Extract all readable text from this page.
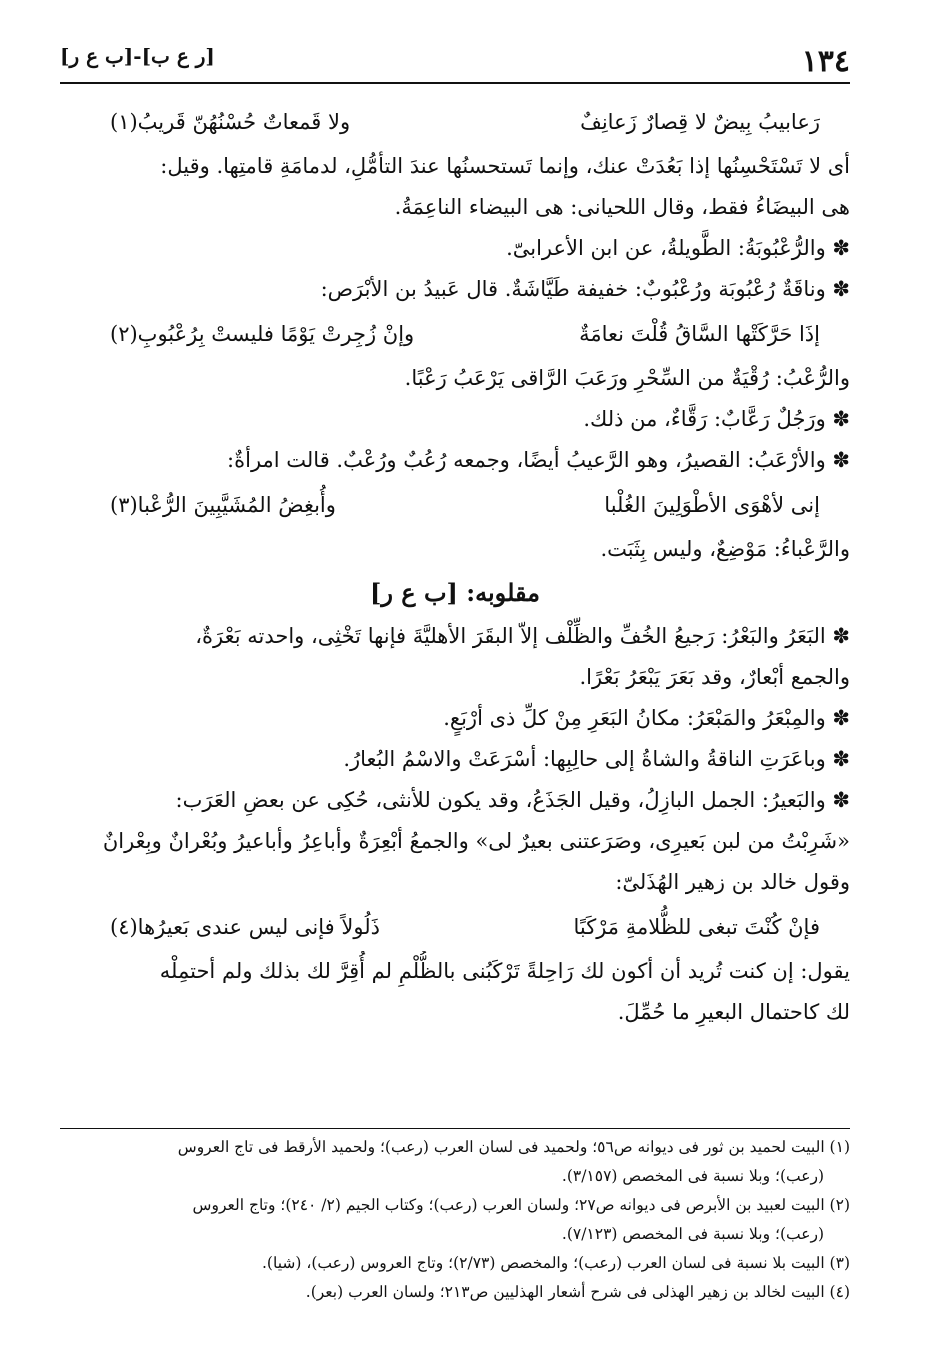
١٣٤
[ر ع ب]-[ب ع ر]
رَعابيبُ بِيضٌ لا قِصارٌ زَعانِفٌ
ولا قَمعاتٌ حُسْنُهُنّ قَريبُ(١)
أى لا تَسْتَحْسِنُها إذا بَعُدَتْ عنك، وإنما تَستحسنُها عندَ التأمُّلِ، لدمامَةِ قامتِها. وقيل:
هى البيضَاءُ فقط، وقال اللحيانى: هى البيضاء الناعِمَةُ.
✽ والرُّعْبُوبَةُ: الطَّويلةُ، عن ابن الأعرابىّ.
✽ وناقَةٌ رُعْبُوبَة ورُعْبُوبٌ: خفيفة طَيَّاشَةٌ. قال عَبيدُ بن الأبْرَص:
إذَا حَرَّكَتْها السَّاقُ قُلْتَ نعامَةٌ
وإنْ زُجِرتْ يَوْمًا فليستْ بِرُعْبُوبِ(٢)
والرُّعْبُ: رُقْيَةٌ من السِّحْرِ ورَعَبَ الرَّاقى يَرْعَبُ رَعْبًا.
✽ ورَجُلٌ رَعَّابٌ: رَقَّاءٌ، من ذلك.
✽ والأرْعَبُ: القصيرُ، وهو الرَّعيبُ أيضًا، وجمعه رُعُبٌ ورُعْبٌ. قالت امرأةٌ:
إنى لأهْوَى الأطْوَلِينَ الغُلْبا
وأُبغِضُ المُشَيَّبِينَ الرُّعْبا(٣)
والرَّعْباءُ: مَوْضِعٌ، وليس بِثَبَت.
مقلوبه: [ب ع ر]
✽ البَعَرُ والبَعْرُ: رَجيعُ الخُفِّ والظِّلْف إلاّ البقَرَ الأهليَّةَ فإنها تَخْثِى، واحدته بَعْرَةٌ،
والجمع أبْعارٌ، وقد بَعَرَ يَبْعَرُ بَعْرًا.
✽ والمِبْعَرُ والمَبْعَرُ: مكانُ البَعَرِ مِنْ كلِّ ذى أرْبَعٍ.
✽ وباعَرَتِ الناقةُ والشاةُ إلى حالِبِها: أسْرَعَتْ والاسْمُ البُعارُ.
✽ والبَعيرُ: الجمل البازِلُ، وقيل الجَذَعُ، وقد يكون للأنثى، حُكِى عن بعضِ العَرَب:
«شَرِبْتُ من لبن بَعيرِى، وصَرَعتنى بعيرٌ لى» والجمعُ أبْعِرَةٌ وأباعِرُ وأباعيرُ وبُعْرانٌ وبِعْرانٌ
وقول خالد بن زهير الهُذَلىّ:
فإنْ كُنْتَ تبغى للظُّلامةِ مَرْكَبًا
ذَلُولاً فإنى ليس عندى بَعيرُها(٤)
يقول: إن كنت تُريد أن أكون لك رَاحِلةً تَرْكَبُنى بالظُّلْمِ لم أُقِرَّ لك بذلك ولم أحتمِلْه
لك كاحتمال البعيرِ ما حُمِّلَ.
(١) البيت لحميد بن ثور فى ديوانه ص٥٦؛ ولحميد فى لسان العرب (رعب)؛ ولحميد الأرقط فى تاج العروس
(رعب)؛ وبلا نسبة فى المخصص (٣/١٥٧).
(٢) البيت لعبيد بن الأبرص فى ديوانه ص٢٧؛ ولسان العرب (رعب)؛ وكتاب الجيم (٢/ ٢٤٠)؛ وتاج العروس
(رعب)؛ وبلا نسبة فى المخصص (٧/١٢٣).
(٣) البيت بلا نسبة فى لسان العرب (رعب)؛ والمخصص (٢/٧٣)؛ وتاج العروس (رعب)، (شيا).
(٤) البيت لخالد بن زهير الهذلى فى شرح أشعار الهذليين ص٢١٣؛ ولسان العرب (بعر).
